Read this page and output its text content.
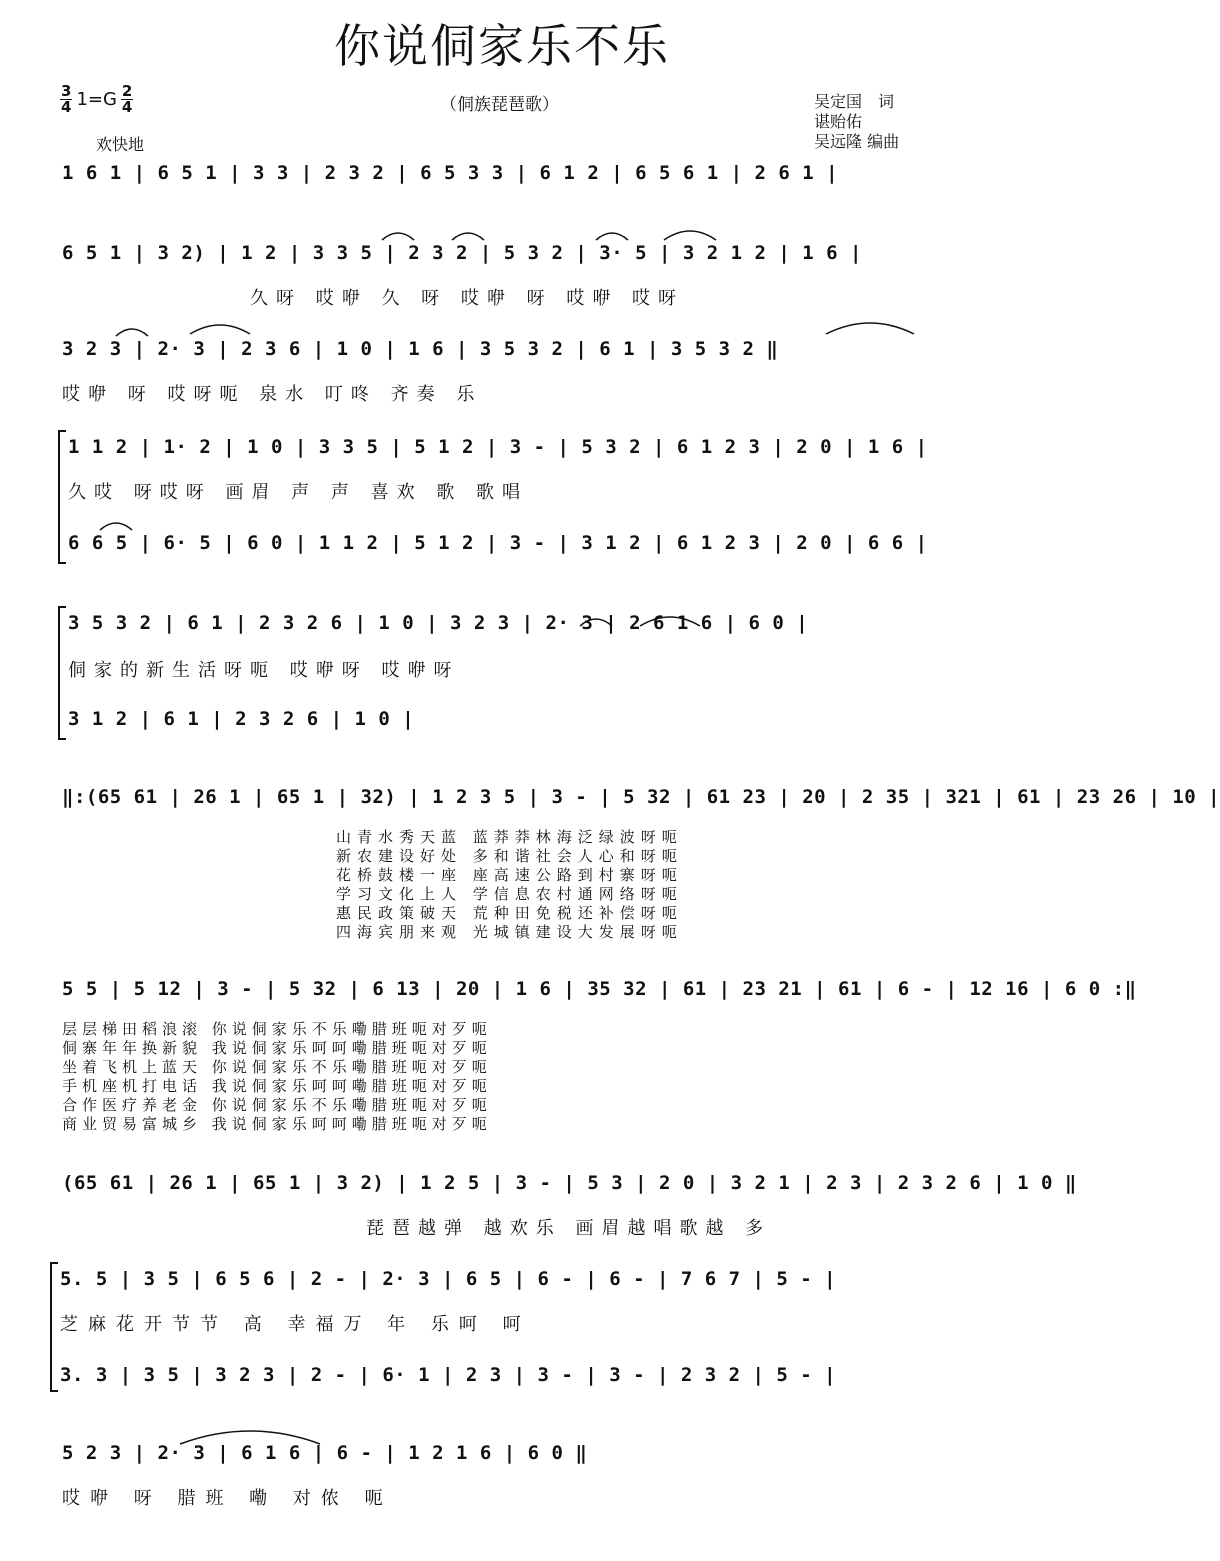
你说侗家乐不乐
$\frac{3}{4} 1=G \frac{2}{4}$	（侗族琵琶歌）
欢快地
吴定国　词
谌贻佑
吴远隆 编曲
1 6 1 | 6 5 1 | 3 3 | 2 3 2 | 6 5 3 3 | 6 1 2 | 6 5 6 1 | 2 6 1 |
6 5 1 | 3 2) | 1 2 | 3 3 5 | 2 3 2 | 5 3 2 | 3· 5 | 3 2 1 2 | 1 6 |
久呀 哎咿 久 呀 哎咿 呀 哎咿 哎呀
3 2 3 | 2· 3 | 2 3 6 | 1 0 | 1 6 | 3 5 3 2 | 6 1 | 3 5 3 2 ‖
哎咿 呀 哎呀呃 泉水 叮咚 齐奏 乐
1 1 2 | 1· 2 | 1 0 | 3 3 5 | 5 1 2 | 3 - | 5 3 2 | 6 1 2 3 | 2 0 | 1 6 |
久哎 呀哎呀 画眉 声 声 喜欢 歌 歌唱
6 6 5 | 6· 5 | 6 0 | 1 1 2 | 5 1 2 | 3 - | 3 1 2 | 6 1 2 3 | 2 0 | 6 6 |
3 5 3 2 | 6 1 | 2 3 2 6 | 1 0 | 3 2 3 | 2· 3 | 2 6 1 6 | 6 0 |
侗家的新生活呀呃 哎咿呀 哎咿呀
3 1 2 | 6 1 | 2 3 2 6 | 1 0 |
‖:(65 61 | 26 1 | 65 1 | 32) | 1 2 3 5 | 3 - | 5 32 | 61 23 | 20 | 2 35 | 321 | 61 | 23 26 | 10 |
山青水秀天蓝 蓝莽莽林海泛绿波呀呃
新农建设好处 多和谐社会人心和呀呃
花桥鼓楼一座 座高速公路到村寨呀呃
学习文化上人 学信息农村通网络呀呃
惠民政策破天 荒种田免税还补偿呀呃
四海宾朋来观 光城镇建设大发展呀呃
5 5 | 5 12 | 3 - | 5 32 | 6 13 | 20 | 1 6 | 35 32 | 61 | 23 21 | 61 | 6 - | 12 16 | 6 0 :‖
层层梯田稻浪滚 你说侗家乐不乐嘞腊班呃对歹呃
侗寨年年换新貌 我说侗家乐呵呵嘞腊班呃对歹呃
坐着飞机上蓝天 你说侗家乐不乐嘞腊班呃对歹呃
手机座机打电话 我说侗家乐呵呵嘞腊班呃对歹呃
合作医疗养老金 你说侗家乐不乐嘞腊班呃对歹呃
商业贸易富城乡 我说侗家乐呵呵嘞腊班呃对歹呃
(65 61 | 26 1 | 65 1 | 3 2) | 1 2 5 | 3 - | 5 3 | 2 0 | 3 2 1 | 2 3 | 2 3 2 6 | 1 0 ‖
琵琶越弹 越欢乐 画眉越唱歌越 多
5. 5 | 3 5 | 6 5 6 | 2 - | 2· 3 | 6 5 | 6 - | 6 - | 7 6 7 | 5 - |
芝麻花开节节 高 幸福万 年 乐呵 呵
3. 3 | 3 5 | 3 2 3 | 2 - | 6· 1 | 2 3 | 3 - | 3 - | 2 3 2 | 5 - |
5 2 3 | 2· 3 | 6 1 6 | 6 - | 1 2 1 6 | 6 0 ‖
哎咿 呀 腊班 嘞 对侬 呃
